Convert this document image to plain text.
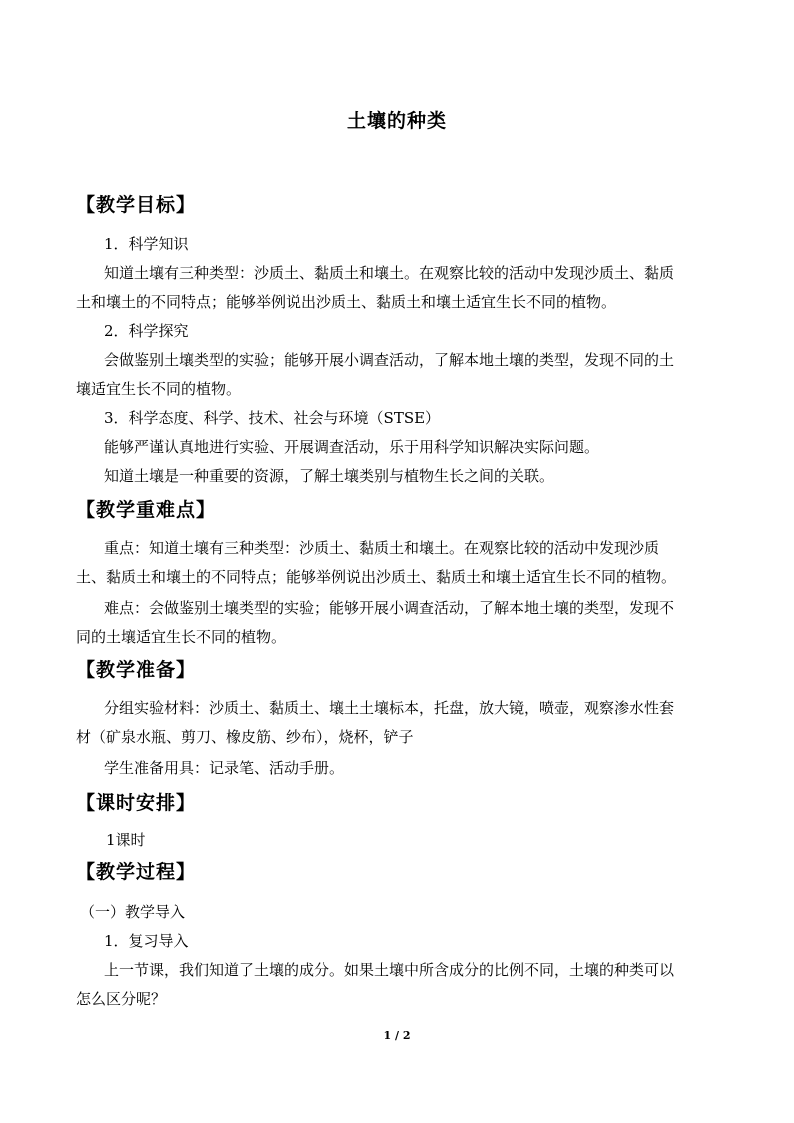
土壤的种类
【教学目标】
1．科学知识
知道土壤有三种类型：沙质土、黏质土和壤土。在观察比较的活动中发现沙质土、黏质
土和壤土的不同特点；能够举例说出沙质土、黏质土和壤土适宜生长不同的植物。
2．科学探究
会做鉴别土壤类型的实验；能够开展小调查活动，了解本地土壤的类型，发现不同的土
壤适宜生长不同的植物。
3．科学态度、科学、技术、社会与环境（STSE）
能够严谨认真地进行实验、开展调查活动，乐于用科学知识解决实际问题。
知道土壤是一种重要的资源，了解土壤类别与植物生长之间的关联。
【教学重难点】
重点：知道土壤有三种类型：沙质土、黏质土和壤土。在观察比较的活动中发现沙质
土、黏质土和壤土的不同特点；能够举例说出沙质土、黏质土和壤土适宜生长不同的植物。
难点：会做鉴别土壤类型的实验；能够开展小调查活动，了解本地土壤的类型，发现不
同的土壤适宜生长不同的植物。
【教学准备】
分组实验材料：沙质土、黏质土、壤土土壤标本，托盘，放大镜，喷壶，观察渗水性套
材（矿泉水瓶、剪刀、橡皮筋、纱布），烧杯，铲子
学生准备用具：记录笔、活动手册。
【课时安排】
1课时
【教学过程】
（一）教学导入
1．复习导入
上一节课，我们知道了土壤的成分。如果土壤中所含成分的比例不同，土壤的种类可以
怎么区分呢？
1 / 2
